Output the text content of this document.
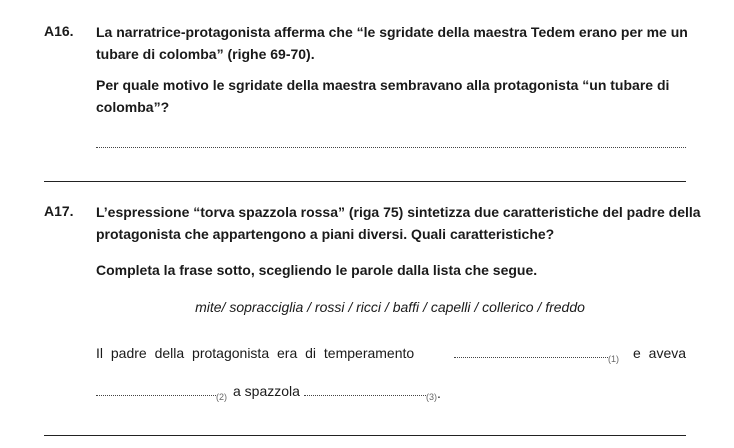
A16. La narratrice-protagonista afferma che “le sgridate della maestra Tedem erano per me un
tubare di colomba” (righe 69-70).
Per quale motivo le sgridate della maestra sembravano alla protagonista “un tubare di
colomba”?
A17. L’espressione “torva spazzola rossa” (riga 75) sintetizza due caratteristiche del padre della
protagonista che appartengono a piani diversi. Quali caratteristiche?
Completa la frase sotto, scegliendo le parole dalla lista che segue.
mite/ sopracciglia / rossi / ricci / baffi / capelli / collerico / freddo
Il padre della protagonista era di temperamento	(1) e aveva
(2) a spazzola	(3) .
